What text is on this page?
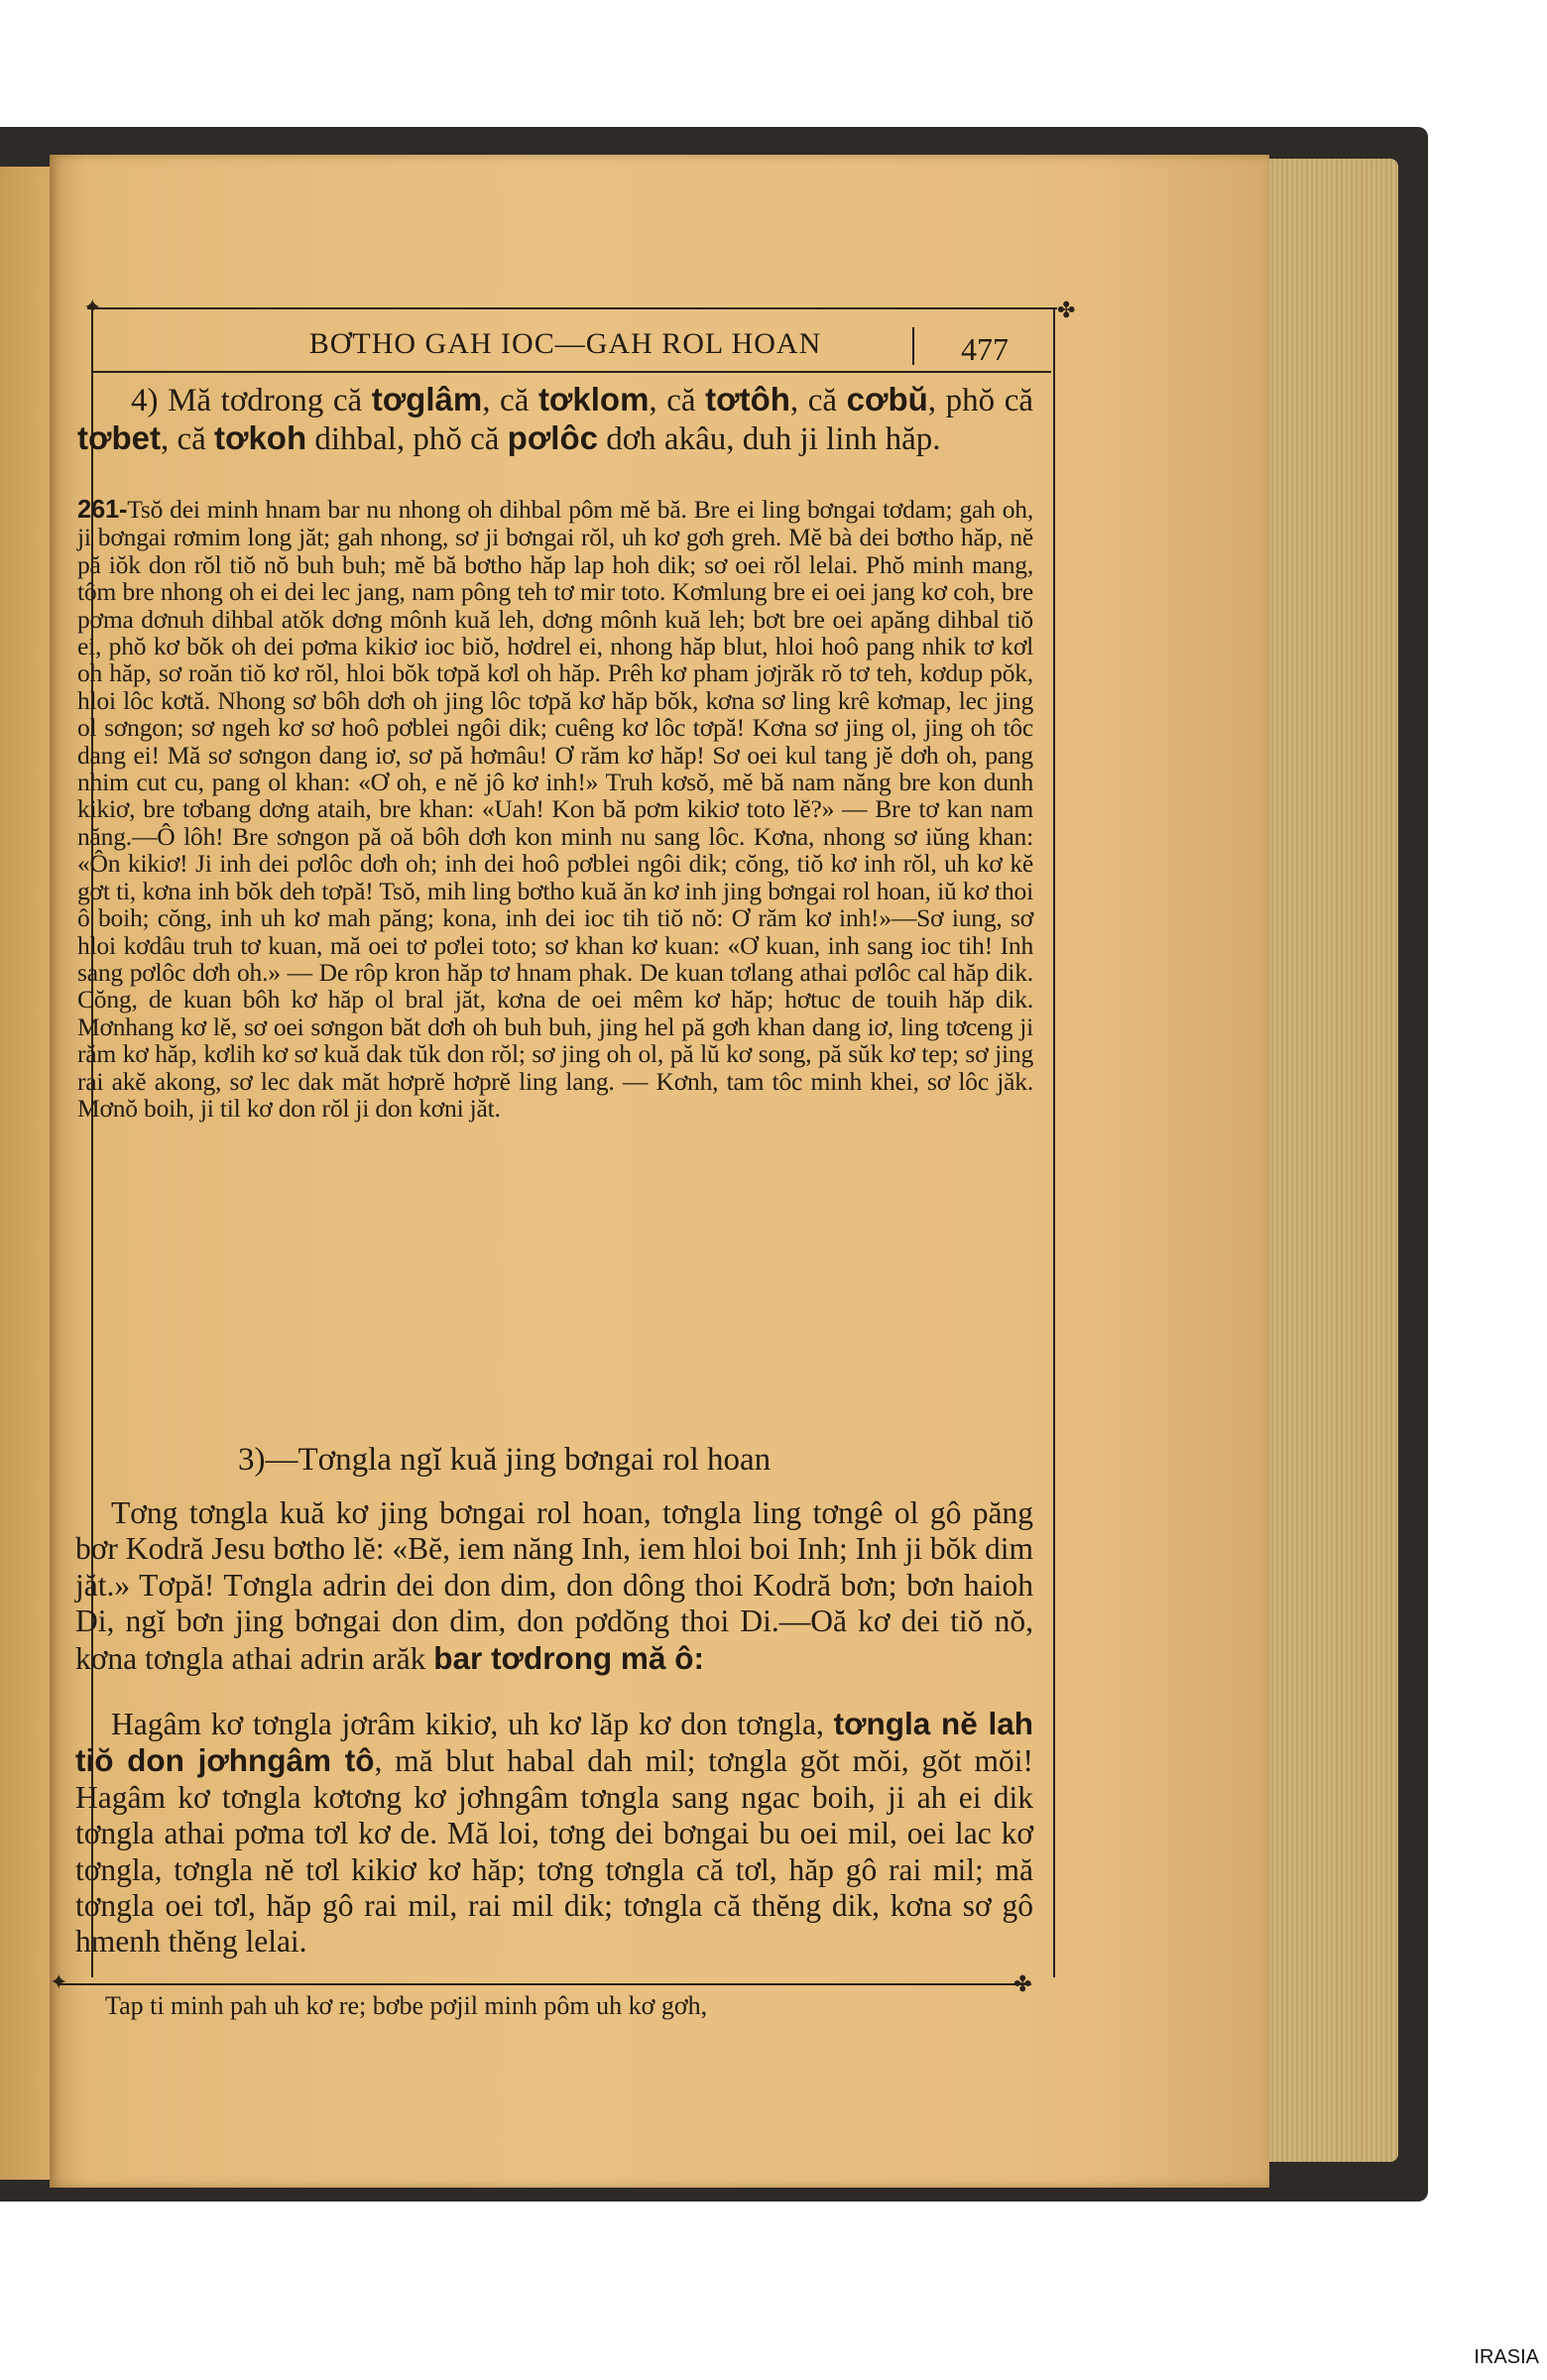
✦	✤
✦	✤
BƠTHO GAH IOC—GAH ROL HOAN	477

4) Mă tơdrong că tơglâm, că tơklom, că tơtôh, că cơbŭ, phŏ că tơbet, că tơkoh dihbal, phŏ că pơlôc dơh akâu, duh ji linh hăp.

261-Tsŏ dei minh hnam bar nu nhong oh dihbal pôm mĕ bă. Bre ei ling bơngai tơdam; gah oh, ji bơngai rơmim long jăt; gah nhong, sơ ji bơngai rŏl, uh kơ gơh greh. Mĕ bà dei bơtho hăp, nĕ pă iŏk don rŏl tiŏ nŏ buh buh; mĕ bă bơtho hăp lap hoh dik; sơ oei rŏl lelai. Phŏ minh mang, tôm bre nhong oh ei dei lec jang, nam pông teh tơ mir toto. Kơmlung bre ei oei jang kơ coh, bre pơma dơnuh dihbal atŏk dơng mônh kuă leh, dơng mônh kuă leh; bơt bre oei apăng dihbal tiŏ ei, phŏ kơ bŏk oh dei pơma kikiơ ioc biŏ, hơdrel ei, nhong hăp blut, hloi hoô pang nhik tơ kơl oh hăp, sơ roăn tiŏ kơ rŏl, hloi bŏk tơpă kơl oh hăp. Prêh kơ pham jơjrăk rŏ tơ teh, kơdup pŏk, hloi lôc kơtă. Nhong sơ bôh dơh oh jing lôc tơpă kơ hăp bŏk, kơna sơ ling krê kơmap, lec jing ol sơngon; sơ ngeh kơ sơ hoô pơblei ngôi dik; cuêng kơ lôc tơpă! Kơna sơ jing ol, jing oh tôc dang ei! Mă sơ sơngon dang iơ, sơ pă hơmâu! Ơ răm kơ hăp! Sơ oei kul tang jĕ dơh oh, pang nhim cut cu, pang ol khan: «Ơ oh, e nĕ jô kơ inh!» Truh kơsŏ, mĕ bă nam năng bre kon dunh kikiơ, bre tơbang dơng ataih, bre khan: «Uah! Kon bă pơm kikiơ toto lĕ?» — Bre tơ kan nam năng.—Ô lôh! Bre sơngon pă oă bôh dơh kon minh nu sang lôc. Kơna, nhong sơ iŭng khan: «Ôn kikiơ! Ji inh dei pơlôc dơh oh; inh dei hoô pơblei ngôi dik; cŏng, tiŏ kơ inh rŏl, uh kơ kĕ gơt ti, kơna inh bŏk deh tơpă! Tsŏ, mih ling bơtho kuă ăn kơ inh jing bơngai rol hoan, iŭ kơ thoi ô boih; cŏng, inh uh kơ mah păng; kona, inh dei ioc tih tiŏ nŏ: Ơ răm kơ inh!»—Sơ iung, sơ hloi kơdâu truh tơ kuan, mă oei tơ pơlei toto; sơ khan kơ kuan: «Ơ kuan, inh sang ioc tih! Inh sang pơlôc dơh oh.» — De rôp kron hăp tơ hnam phak. De kuan tơlang athai pơlôc cal hăp dik. Cŏng, de kuan bôh kơ hăp ol bral jăt, kơna de oei mêm kơ hăp; hơtuc de touih hăp dik. Mơnhang kơ lĕ, sơ oei sơngon băt dơh oh buh buh, jing hel pă gơh khan dang iơ, ling tơceng ji răm kơ hăp, kơlih kơ sơ kuă dak tŭk don rŏl; sơ jing oh ol, pă lŭ kơ song, pă sŭk kơ tep; sơ jing rai akĕ akong, sơ lec dak măt hơprĕ hơprĕ ling lang. — Kơnh, tam tôc minh khei, sơ lôc jăk. Mơnŏ boih, ji til kơ don rŏl ji don kơni jăt.

3)—Tơngla ngĭ kuă jing bơngai rol hoan

Tơng tơngla kuă kơ jing bơngai rol hoan, tơngla ling tơngê ol gô păng bơr Kodră Jesu bơtho lĕ: «Bĕ, iem năng Inh, iem hloi boi Inh; Inh ji bŏk dim jăt.» Tơpă! Tơngla adrin dei don dim, don dông thoi Kodră bơn; bơn haioh Di, ngĭ bơn jing bơngai don dim, don pơdŏng thoi Di.—Oă kơ dei tiŏ nŏ, kơna tơngla athai adrin arăk bar tơdrong mă ô:

Hagâm kơ tơngla jơrâm kikiơ, uh kơ lăp kơ don tơngla, tơngla nĕ lah tiŏ don jơhngâm tô, mă blut habal dah mil; tơngla gŏt mŏi, gŏt mŏi! Hagâm kơ tơngla kơtơng kơ jơhngâm tơngla sang ngac boih, ji ah ei dik tơngla athai pơma tơl kơ de. Mă loi, tơng dei bơngai bu oei mil, oei lac kơ tơngla, tơngla nĕ tơl kikiơ kơ hăp; tơng tơngla că tơl, hăp gô rai mil; mă tơngla oei tơl, hăp gô rai mil, rai mil dik; tơngla că thĕng dik, kơna sơ gô hmenh thĕng lelai.

Tap ti minh pah uh kơ re; bơbe pơjil minh pôm uh kơ gơh,

IRASIA
